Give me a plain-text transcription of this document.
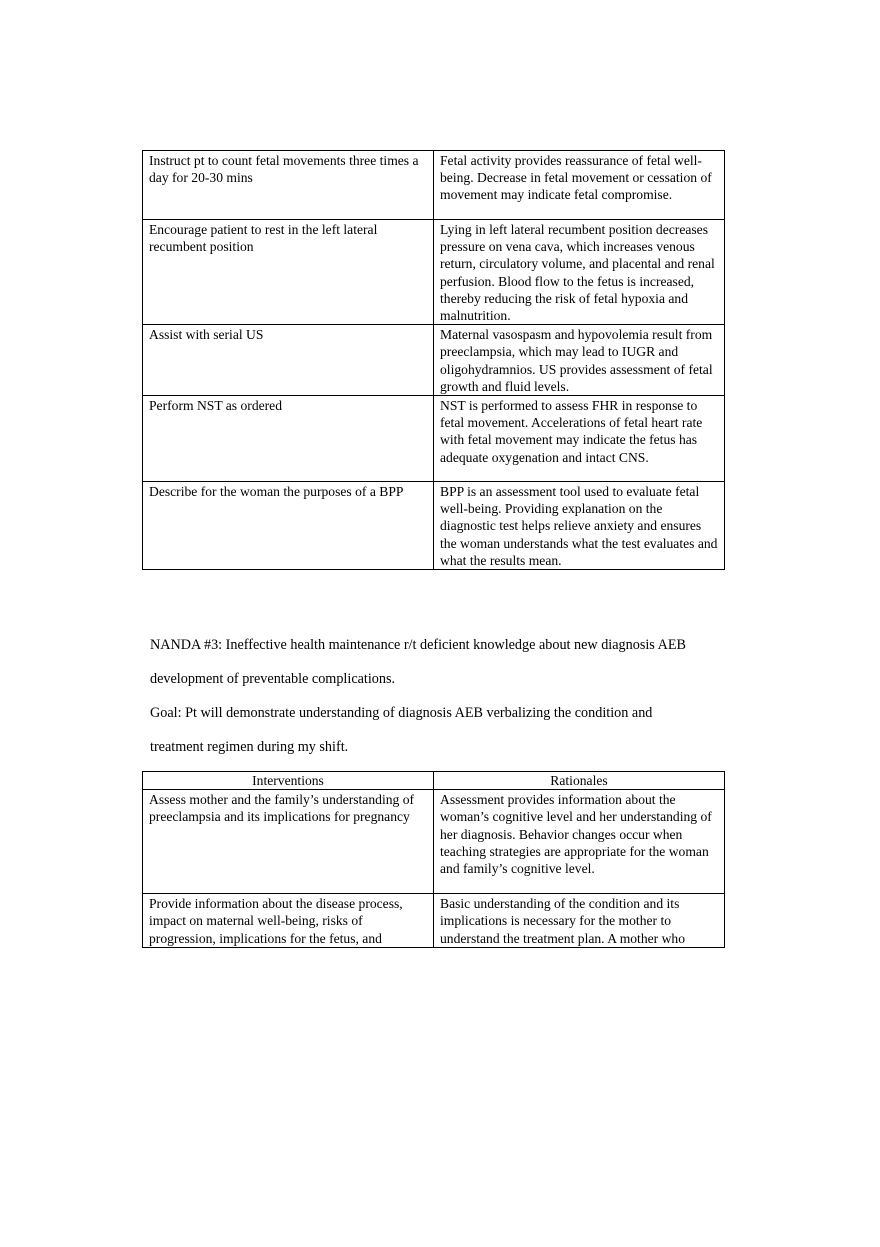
Instruct pt to count fetal movements three times a day for 20-30 mins	Fetal activity provides reassurance of fetal well-being. Decrease in fetal movement or cessation of movement may indicate fetal compromise.
Encourage patient to rest in the left lateral recumbent position	Lying in left lateral recumbent position decreases pressure on vena cava, which increases venous return, circulatory volume, and placental and renal perfusion. Blood flow to the fetus is increased, thereby reducing the risk of fetal hypoxia and malnutrition.
Assist with serial US	Maternal vasospasm and hypovolemia result from preeclampsia, which may lead to IUGR and oligohydramnios. US provides assessment of fetal growth and fluid levels.
Perform NST as ordered	NST is performed to assess FHR in response to fetal movement. Accelerations of fetal heart rate with fetal movement may indicate the fetus has adequate oxygenation and intact CNS.
Describe for the woman the purposes of a BPP	BPP is an assessment tool used to evaluate fetal well-being. Providing explanation on the diagnostic test helps relieve anxiety and ensures the woman understands what the test evaluates and what the results mean.
NANDA #3: Ineffective health maintenance r/t deficient knowledge about new diagnosis AEB
development of preventable complications.
Goal: Pt will demonstrate understanding of diagnosis AEB verbalizing the condition and
treatment regimen during my shift.
Interventions	Rationales
Assess mother and the family’s understanding of preeclampsia and its implications for pregnancy	Assessment provides information about the woman’s cognitive level and her understanding of her diagnosis. Behavior changes occur when teaching strategies are appropriate for the woman and family’s cognitive level.
Provide information about the disease process, impact on maternal well-being, risks of progression, implications for the fetus, and	Basic understanding of the condition and its implications is necessary for the mother to understand the treatment plan. A mother who
